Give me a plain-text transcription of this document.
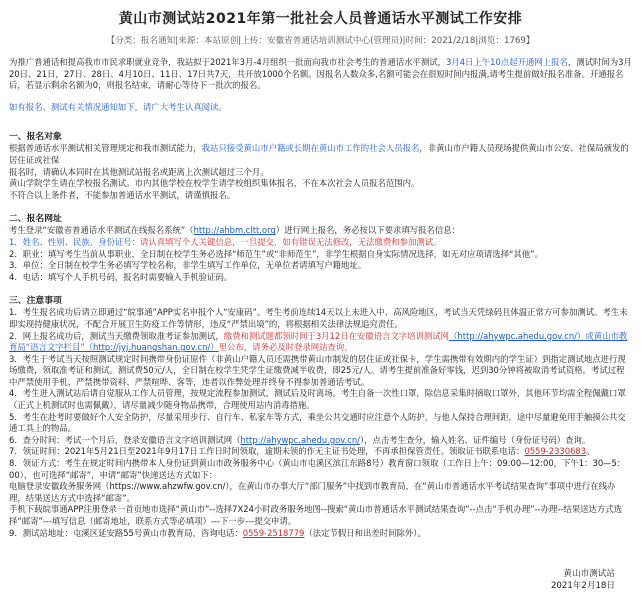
黄山市测试站2021年第一批社会人员普通话水平测试工作安排
【分类：报名通知|来源：本站原创|上传：安徽省普通话培训测试中心(管理员)|时间：2021/2/18|浏览：1769】

为推广普通话和提高我市市民求职就业竞争，我站拟于2021年3月-4月组织一批面向我市社会考生的普通话水平测试，3月4日上午10点起开通网上报名，测试时间为3月20日、21日，27日、28日、4月10日、11日、17日共7天，共开放1000个名额。因报名人数众多,名额可能会在很短时间内报满,请考生提前做好报名准备。开通报名后，若显示剩余名额为0，则报名结束，请耐心等待下一批次的报名。

如有报名、测试有关情况通知如下，请广大考生认真阅读。

一、报名对象

根据普通话水平测试相关管理规定和我市测试能力，我站只接受黄山市户籍或长期在黄山市工作的社会人员报名，非黄山市户籍人员现场提供黄山市公安、社保局颁发的居住证或社保

报名时，请确认本同时在其他测试站报名或距离上次测试超过三个月。

黄山学院学生请在学校报名测试。市内其他学校在校学生请学校组织集体报名，不在本次社会人员报名范围内。

不符合以上条件者，不能参加普通话水平测试，请谨慎报名。

二、报名网址

考生登录“安徽省普通话水平测试在线报名系统”（http://ahbm.cltt.org）进行网上报名，务必按以下要求填写报名信息：

1．姓名、性别、民族、身份证号：请认真填写个人关键信息，一旦提交，如有错误无法修改，无法缴费和参加测试。

2．职业：填写考生当前从事职业，全日制在校学生务必选择“师范生”或“非师范生”，非学生根据自身实际情况选择，如无对应项请选择“其他”。

3．单位：全日制在校学生务必填写学校名称，非学生填写工作单位，无单位者请填写户籍地址。

4．电话：填写个人手机号码，报名时需要输入手机验证码。

三、注意事项

1．考生报名成功后请立即通过“皖事通”APP实名申报个人“安康码”。考生考前连续14天以上未进入中、高风险地区，考试当天凭绿码且体温正常方可参加测试。考生未即实现持健康状况，不配合开展卫生防疫工作等情形，违反“严禁出境”的，将根据相关法律法规追究责任。

2．网上报名成功后，测试当天缴费领取准考证参加测试，缴费和测试题都领时间于3月12日在安徽语言文字培训测试网（http://ahywpc.ahedu.gov.cn/）或黄山市教育局“语言文字栏目”（http://jyj.huangshan.gov.cn/）里公布，请务必及时登录网站查询。

3．考生于考试当天按照测试规定时间携带身份证原件（非黄山户籍人员还需携带黄山市制发的居住证或社保卡，学生需携带有效期内的学生证）到指定测试地点进行现场缴费，领取准考证和测试。测试费50元/人，全日制在校学生凭学生证缴费减半收费，即25元/人。请考生提前准备好零钱，迟到30分钟将被取消考试资格。考试过程中严禁使用手机、严禁携带资料、严禁喧哗、客等，违者以作弊处理并终身不得参加普通话考试。

4．考生进入测试站后请自觉服从工作人员管理，按规定流程参加测试，测试后及时离场。考生自备一次性口罩，除信息采集时摘取口罩外，其他环节均需全程佩戴口罩（正式上机测试时也需佩戴），请尽量减少随身物品携带，合理使用站内消毒措施。

5．考生在赴考时要做好个人安全防护，尽量采用步行、自行车、私家车等方式，乘坐公共交通时应注意个人防护，与他人保持合理间距，途中尽量避免用手触摸公共交通工具上的物品。

6．查分时间：考试一个月后，登录安徽语言文字培训测试网（http://ahywpc.ahedu.gov.cn/），点击考生查分，输入姓名、证件编号（身份证号码）查询。

7．领证时间：2021年5月21日至2021年9月17日工作日时间领取，逾期未领的作无主证书处理，不再承担保管责任。领取证书联系电话：0559-2330683。

8．领证方式：考生在规定时间内携带本人身份证到黄山市政务服务中心（黄山市屯溪区滨江东路8号）教育窗口领取（工作日上午：09:00—12:00，下午1：30—5：00），也可选择“邮寄”，申请“邮寄”快递送达方式如下：

电脑登录安徽政务服务网（https://www.ahzwfw.gov.cn/），在黄山市办事大厅“部门服务”中找到市教育局，在“黄山市普通话水平考试结果查询”事项中进行在线办理，结果送达方式中选择“邮寄”。

手机下载皖事通APP注册登录一首页地市选择“黄山市”--选择7X24小时政务服务地图--搜索“黄山市普通话水平测试结果查询”--点击“手机办理”--办理--结果送达方式选择“邮寄”---填写信息（邮寄地址，联系方式等必填项）---下一步---提交申请。

9．测试站地址：屯溪区延安路55号黄山市教育局，咨询电话：0559-2518779（法定节假日和出差时间除外）。

黄山市测试站
2021年2月18日
